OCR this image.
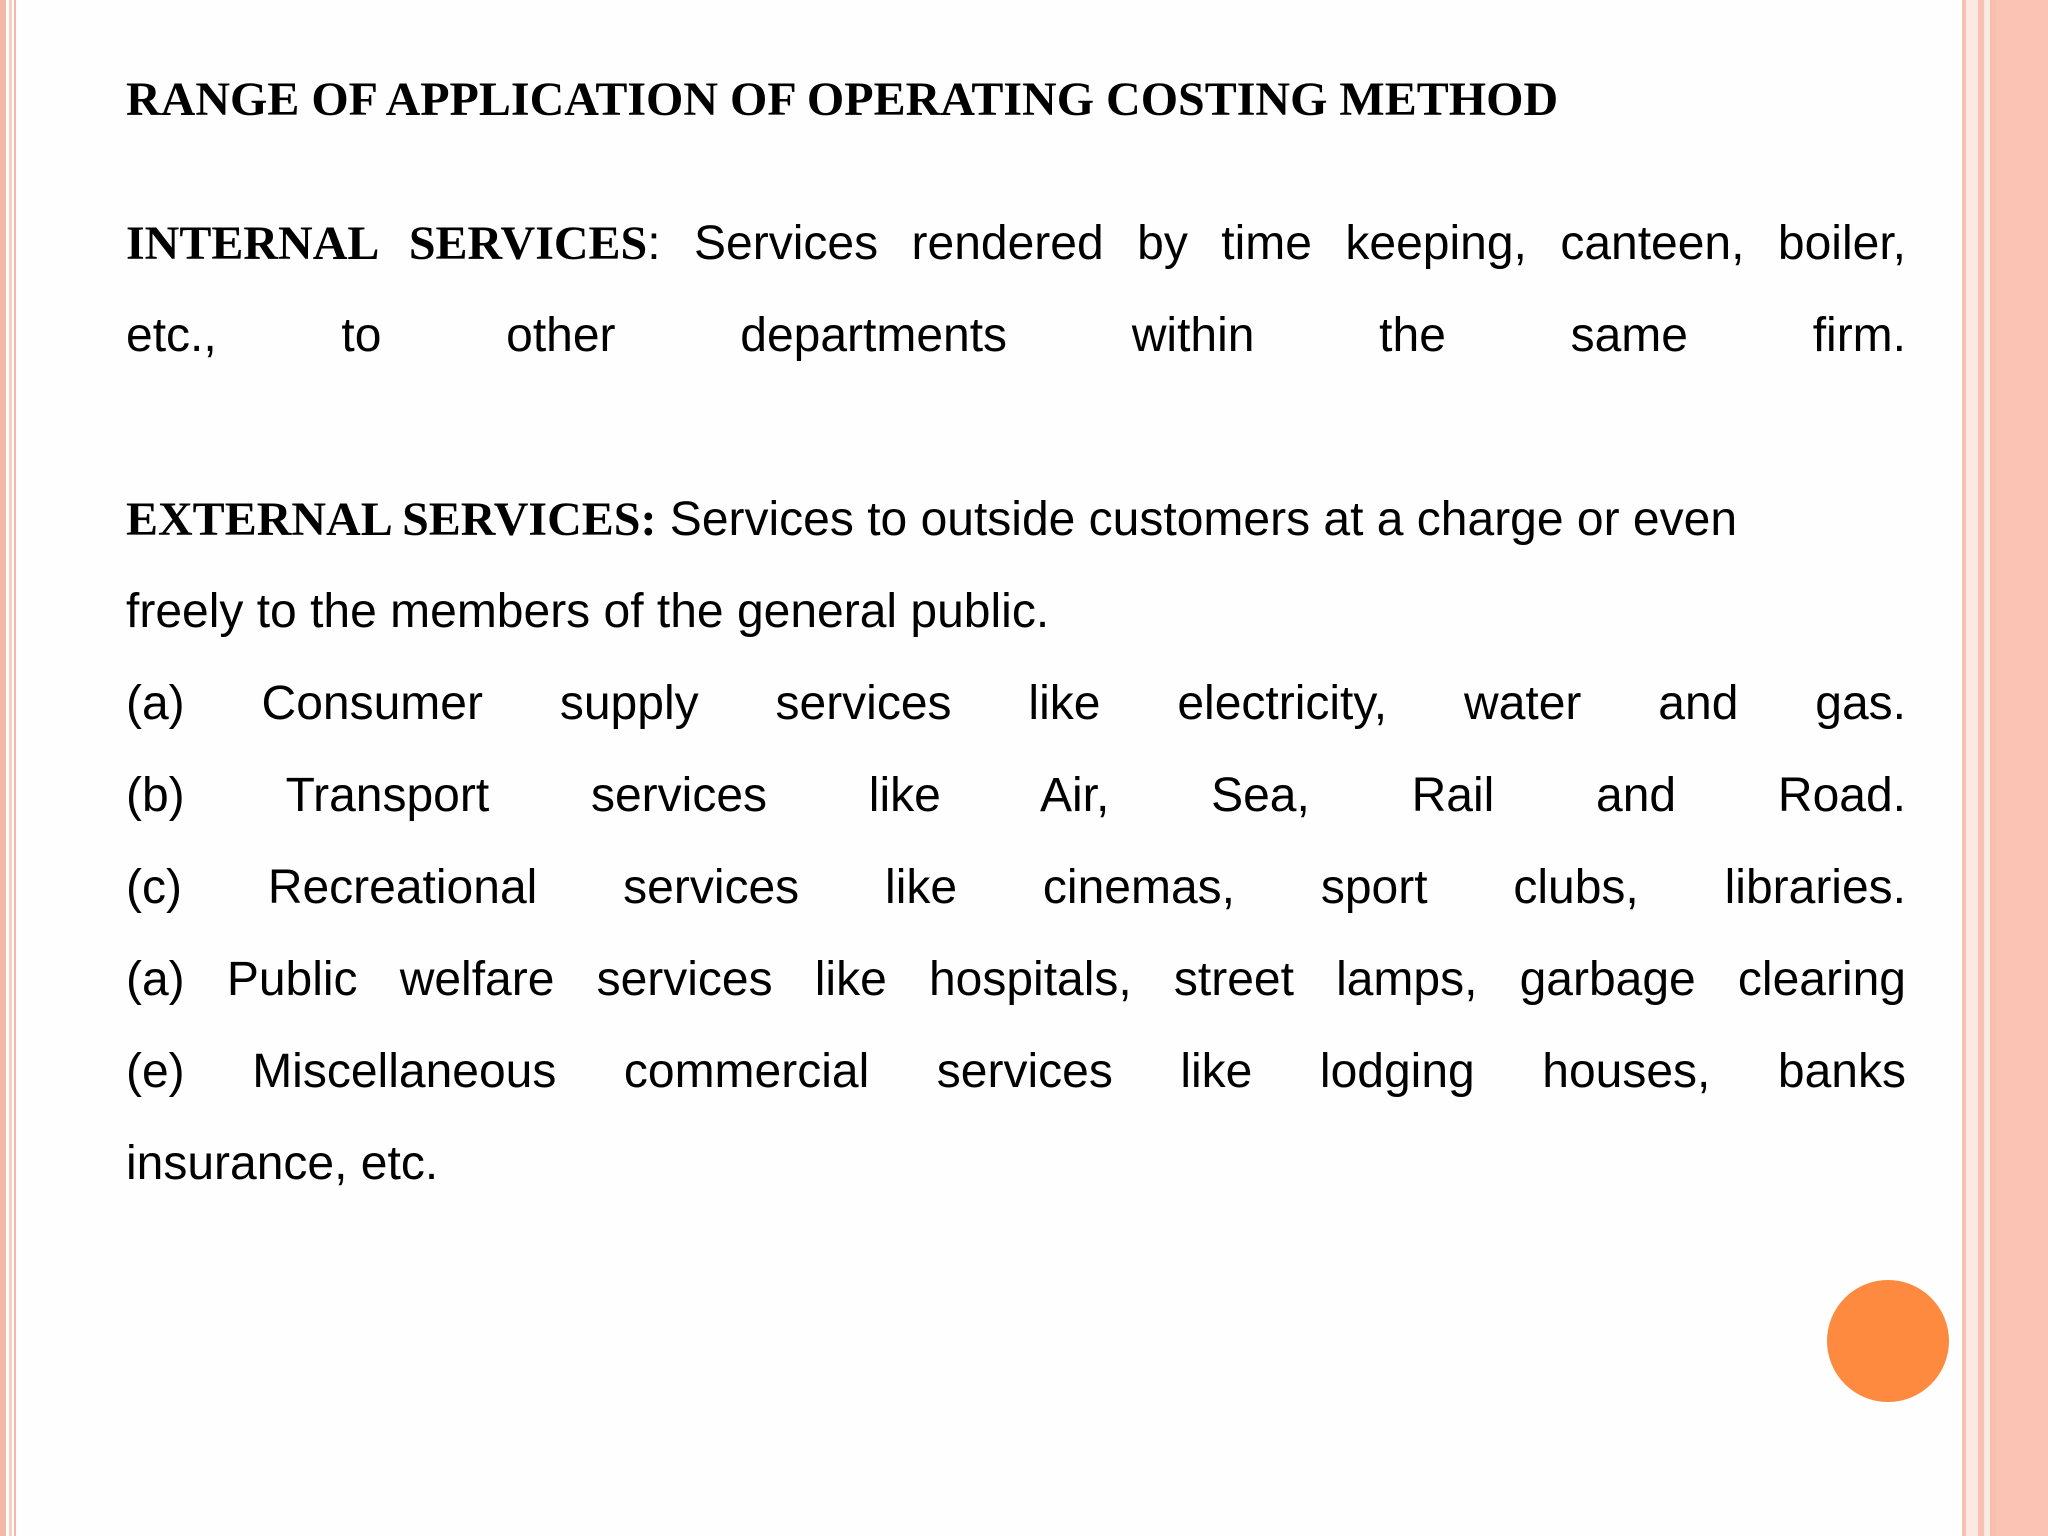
RANGE OF APPLICATION OF OPERATING COSTING METHOD
INTERNAL SERVICES: Services rendered by time keeping, canteen, boiler,
etc., to other departments within the same firm.
EXTERNAL SERVICES: Services to outside customers at a charge or even
freely to the members of the general public.
(a) Consumer supply services like electricity, water and gas.
(b) Transport services like Air, Sea, Rail and Road.
(c) Recreational services like cinemas, sport clubs, libraries.
(a) Public welfare services like hospitals, street lamps, garbage clearing
(e) Miscellaneous commercial services like lodging houses, banks
insurance, etc.
